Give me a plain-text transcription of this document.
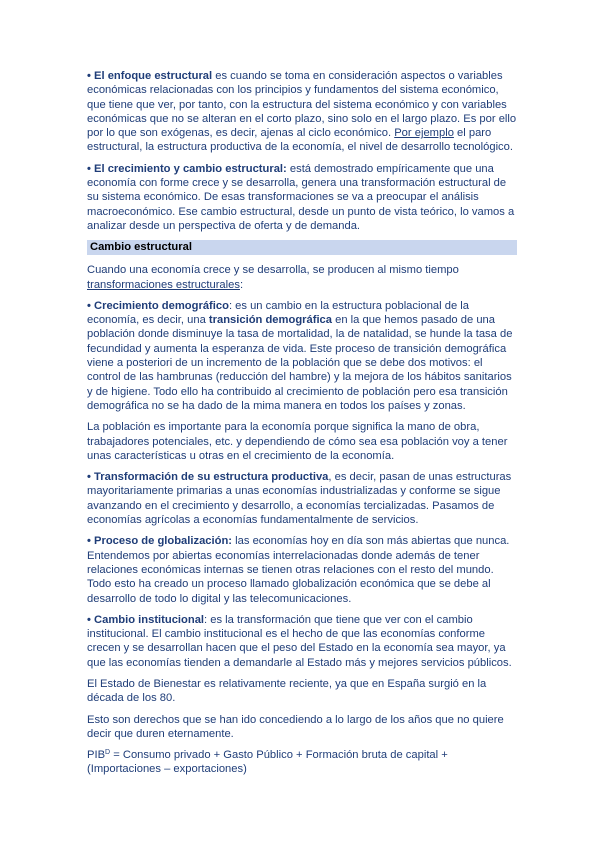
• El enfoque estructural es cuando se toma en consideración aspectos o variables económicas relacionadas con los principios y fundamentos del sistema económico, que tiene que ver, por tanto, con la estructura del sistema económico y con variables económicas que no se alteran en el corto plazo, sino solo en el largo plazo. Es por ello por lo que son exógenas, es decir, ajenas al ciclo económico. Por ejemplo el paro estructural, la estructura productiva de la economía, el nivel de desarrollo tecnológico.

• El crecimiento y cambio estructural: está demostrado empíricamente que una economía con forme crece y se desarrolla, genera una transformación estructural de su sistema económico. De esas transformaciones se va a preocupar el análisis macroeconómico. Ese cambio estructural, desde un punto de vista teórico, lo vamos a analizar desde un perspectiva de oferta y de demanda.

Cambio estructural

Cuando una economía crece y se desarrolla, se producen al mismo tiempo transformaciones estructurales:

• Crecimiento demográfico: es un cambio en la estructura poblacional de la economía, es decir, una transición demográfica en la que hemos pasado de una población donde disminuye la tasa de mortalidad, la de natalidad, se hunde la tasa de fecundidad y aumenta la esperanza de vida. Este proceso de transición demográfica viene a posteriori de un incremento de la población que se debe dos motivos: el control de las hambrunas (reducción del hambre) y la mejora de los hábitos sanitarios y de higiene. Todo ello ha contribuido al crecimiento de población pero esa transición demográfica no se ha dado de la mima manera en todos los países y zonas.

La población es importante para la economía porque significa la mano de obra, trabajadores potenciales, etc. y dependiendo de cómo sea esa población voy a tener unas características u otras en el crecimiento de la economía.

• Transformación de su estructura productiva, es decir, pasan de unas estructuras mayoritariamente primarias a unas economías industrializadas y conforme se sigue avanzando en el crecimiento y desarrollo, a economías tercializadas. Pasamos de economías agrícolas a economías fundamentalmente de servicios.

• Proceso de globalización: las economías hoy en día son más abiertas que nunca. Entendemos por abiertas economías interrelacionadas donde además de tener relaciones económicas internas se tienen otras relaciones con el resto del mundo. Todo esto ha creado un proceso llamado globalización económica que se debe al desarrollo de todo lo digital y las telecomunicaciones.

• Cambio institucional: es la transformación que tiene que ver con el cambio institucional. El cambio institucional es el hecho de que las economías conforme crecen y se desarrollan hacen que el peso del Estado en la economía sea mayor, ya que las economías tienden a demandarle al Estado más y mejores servicios públicos.

El Estado de Bienestar es relativamente reciente, ya que en España surgió en la década de los 80.

Esto son derechos que se han ido concediendo a lo largo de los años que no quiere decir que duren eternamente.

$PIB^D$ = Consumo privado + Gasto Público + Formación bruta de capital + (Importaciones – exportaciones)
